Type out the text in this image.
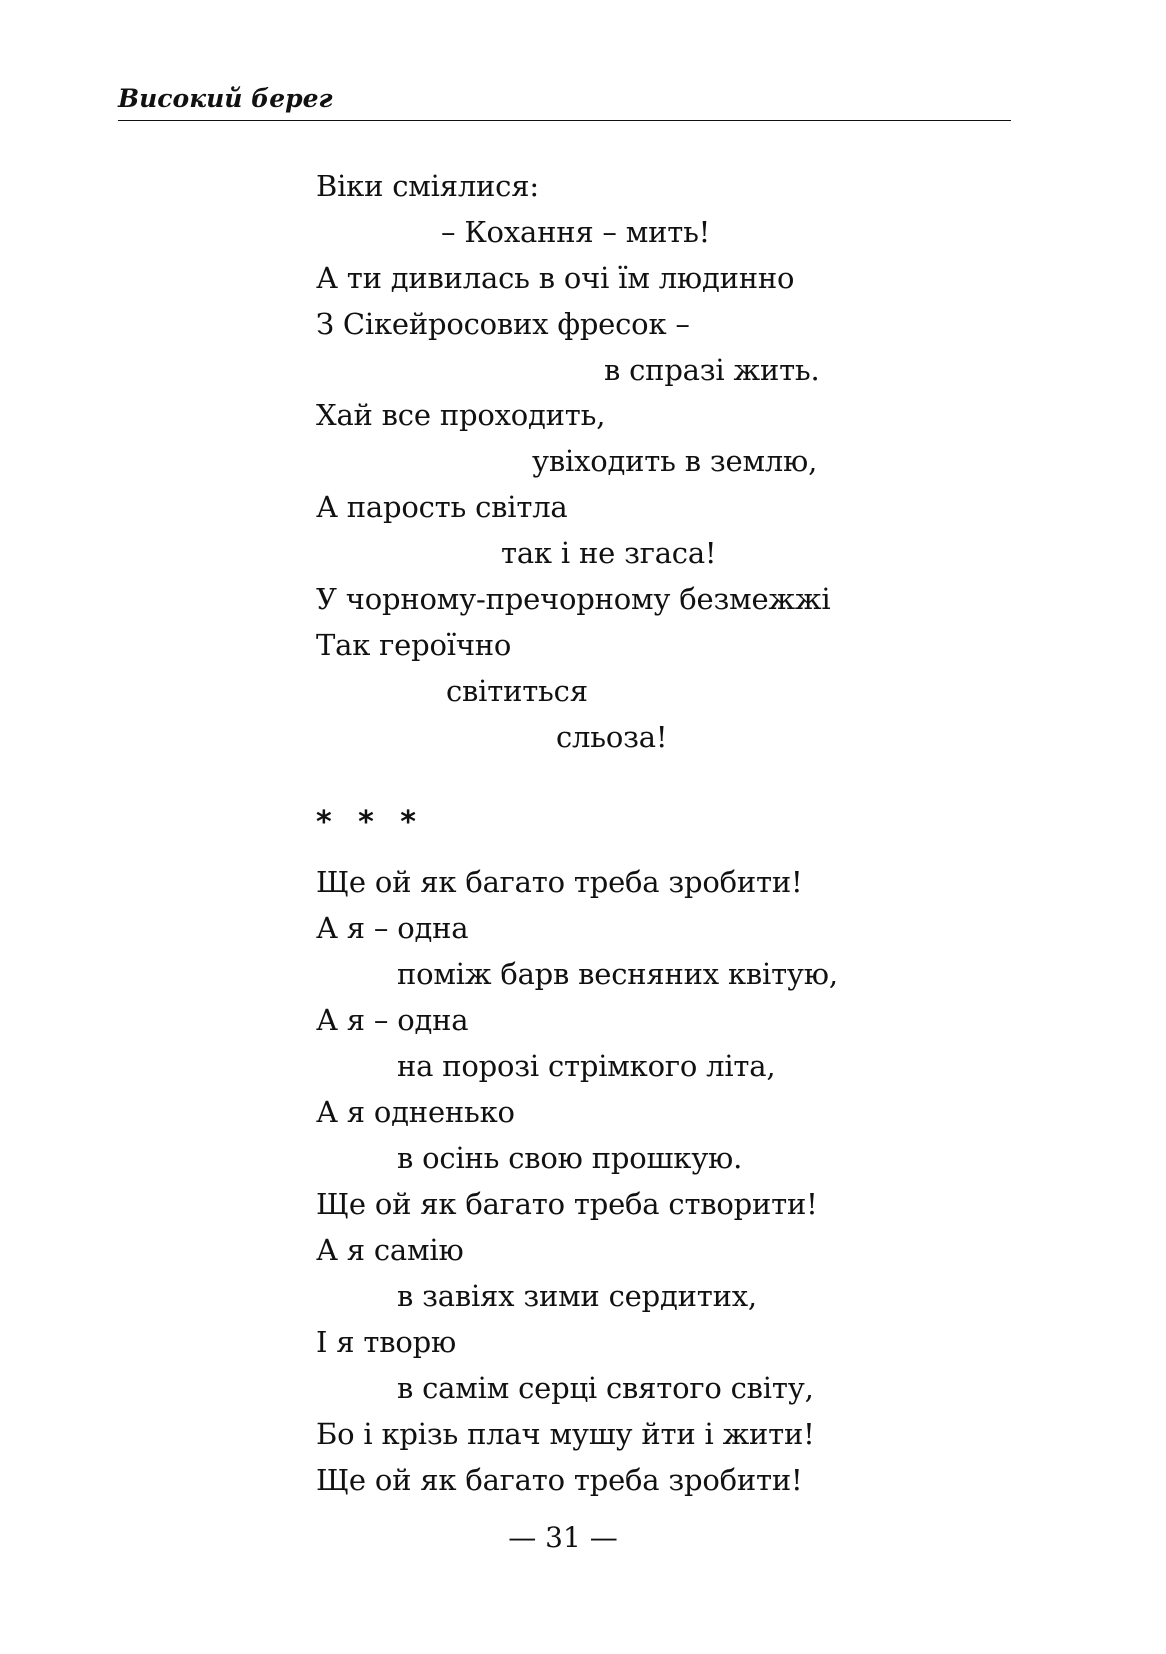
Високий берег
Віки сміялися:
– Кохання – мить!
А ти дивилась в очі їм людинно
З Сікейросових фресок –
в спразі жить.
Хай все проходить,
увіходить в землю,
А парость світла
так і не згаса!
У чорному-пречорному безмежжі
Так героїчно
світиться
сльоза!
* * *
Ще ой як багато треба зробити!
А я – одна
поміж барв весняних квітую,
А я – одна
на порозі стрімкого літа,
А я одненько
в осінь свою прошкую.
Ще ой як багато треба створити!
А я самію
в завіях зими сердитих,
І я творю
в самім серці святого світу,
Бо і крізь плач мушу йти і жити!
Ще ой як багато треба зробити!
— 31 —
